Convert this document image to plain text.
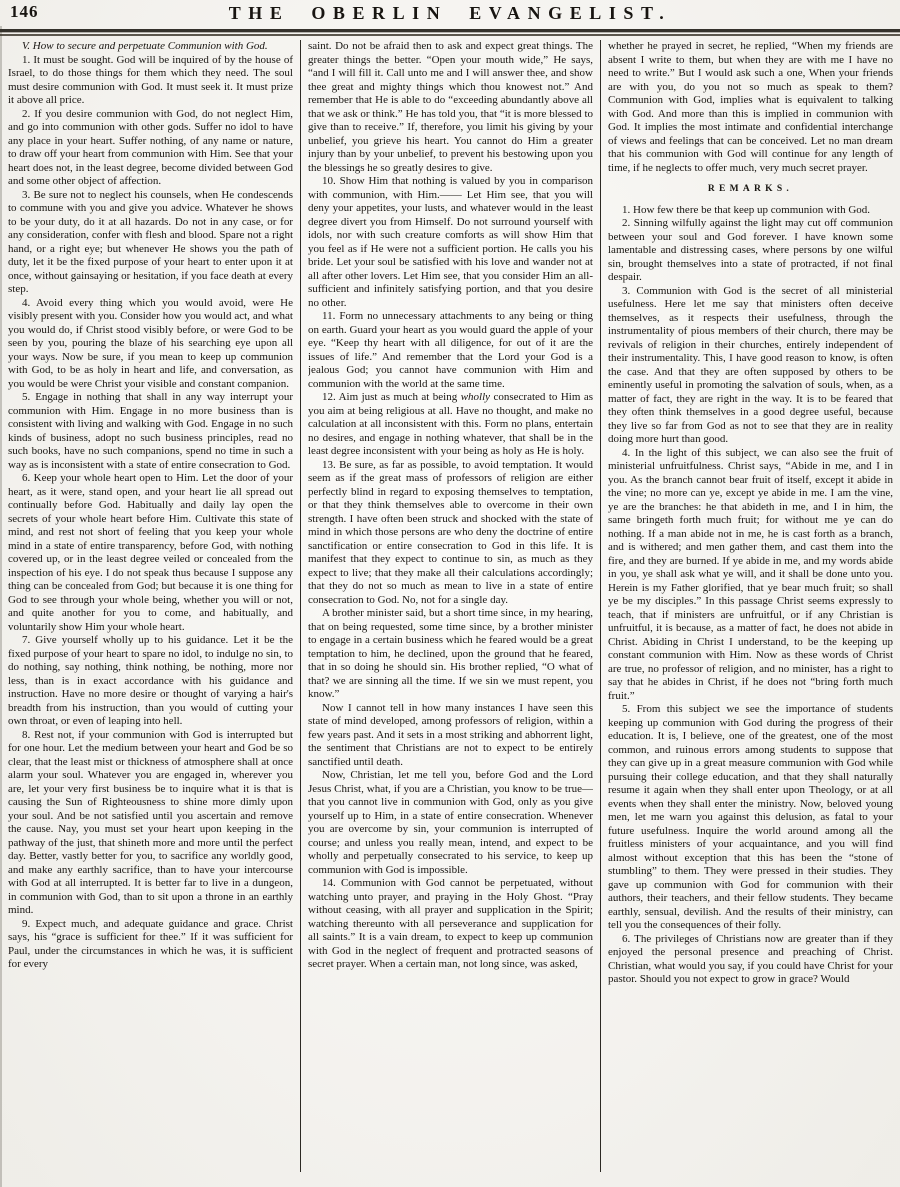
146	THE OBERLIN EVANGELIST.

V. How to secure and perpetuate Communion with God.

1. It must be sought. God will be inquired of by the house of Israel, to do those things for them which they need. The soul must desire communion with God. It must seek it. It must prize it above all price.

2. If you desire communion with God, do not neglect Him, and go into communion with other gods. Suffer no idol to have any place in your heart. Suffer nothing, of any name or nature, to draw off your heart from communion with Him. See that your heart does not, in the least degree, become divided between God and some other object of affection.

3. Be sure not to neglect his counsels, when He condescends to commune with you and give you advice. Whatever he shows to be your duty, do it at all hazards. Do not in any case, or for any consideration, confer with flesh and blood. Spare not a right hand, or a right eye; but whenever He shows you the path of duty, let it be the fixed purpose of your heart to enter upon it at once, without gainsaying or hesitation, if you face death at every step.

4. Avoid every thing which you would avoid, were He visibly present with you. Consider how you would act, and what you would do, if Christ stood visibly before, or were God to be seen by you, pouring the blaze of his searching eye upon all your ways. Now be sure, if you mean to keep up communion with God, to be as holy in heart and life, and conversation, as you would be were Christ your visible and constant companion.

5. Engage in nothing that shall in any way interrupt your communion with Him. Engage in no more business than is consistent with living and walking with God. Engage in no such kinds of business, adopt no such business principles, read no such books, have no such companions, spend no time in such a way as is inconsistent with a state of entire consecration to God.

6. Keep your whole heart open to Him. Let the door of your heart, as it were, stand open, and your heart lie all spread out continually before God. Habitually and daily lay open the secrets of your whole heart before Him. Cultivate this state of mind, and rest not short of feeling that you keep your whole mind in a state of entire transparency, before God, with nothing covered up, or in the least degree veiled or concealed from the inspection of his eye. I do not speak thus because I suppose any thing can be concealed from God; but because it is one thing for God to see through your whole being, whether you will or not, and quite another for you to come, and habitually, and voluntarily show Him your whole heart.

7. Give yourself wholly up to his guidance. Let it be the fixed purpose of your heart to spare no idol, to indulge no sin, to do nothing, say nothing, think nothing, be nothing, more nor less, than is in exact accordance with his guidance and instruction. Have no more desire or thought of varying a hair's breadth from his instruction, than you would of cutting your own throat, or even of leaping into hell.

8. Rest not, if your communion with God is interrupted but for one hour. Let the medium between your heart and God be so clear, that the least mist or thickness of atmosphere shall at once alarm your soul. Whatever you are engaged in, wherever you are, let your very first business be to inquire what it is that is causing the Sun of Righteousness to shine more dimly upon your soul. And be not satisfied until you ascertain and remove the cause. Nay, you must set your heart upon keeping in the pathway of the just, that shineth more and more until the perfect day. Better, vastly better for you, to sacrifice any worldly good, and make any earthly sacrifice, than to have your intercourse with God at all interrupted. It is better far to live in a dungeon, in communion with God, than to sit upon a throne in an earthly mind.

9. Expect much, and adequate guidance and grace. Christ says, his “grace is sufficient for thee.” If it was sufficient for Paul, under the circumstances in which he was, it is sufficient for every

saint. Do not be afraid then to ask and expect great things. The greater things the better. “Open your mouth wide,” He says, “and I will fill it. Call unto me and I will answer thee, and show thee great and mighty things which thou knowest not.” And remember that He is able to do “exceeding abundantly above all that we ask or think.” He has told you, that “it is more blessed to give than to receive.” If, therefore, you limit his giving by your unbelief, you grieve his heart. You cannot do Him a greater injury than by your unbelief, to prevent his bestowing upon you the blessings he so greatly desires to give.

10. Show Him that nothing is valued by you in comparison with communion, with Him.—— Let Him see, that you will deny your appetites, your lusts, and whatever would in the least degree divert you from Himself. Do not surround yourself with idols, nor with such creature comforts as will show Him that you feel as if He were not a sufficient portion. He calls you his bride. Let your soul be satisfied with his love and wander not at all after other lovers. Let Him see, that you consider Him an all-sufficient and infinitely satisfying portion, and that you desire no other.

11. Form no unnecessary attachments to any being or thing on earth. Guard your heart as you would guard the apple of your eye. “Keep thy heart with all diligence, for out of it are the issues of life.” And remember that the Lord your God is a jealous God; you cannot have communion with Him and communion with the world at the same time.

12. Aim just as much at being wholly consecrated to Him as you aim at being religious at all. Have no thought, and make no calculation at all inconsistent with this. Form no plans, entertain no desires, and engage in nothing whatever, that shall be in the least degree inconsistent with your being as holy as He is holy.

13. Be sure, as far as possible, to avoid temptation. It would seem as if the great mass of professors of religion are either perfectly blind in regard to exposing themselves to temptation, or that they think themselves able to overcome in their own strength. I have often been struck and shocked with the state of mind in which those persons are who deny the doctrine of entire sanctification or entire consecration to God in this life. It is manifest that they expect to continue to sin, as much as they expect to live; that they make all their calculations accordingly; that they do not so much as mean to live in a state of entire consecration to God. No, not for a single day.

A brother minister said, but a short time since, in my hearing, that on being requested, some time since, by a brother minister to engage in a certain business which he feared would be a great temptation to him, he declined, upon the ground that he feared, that in so doing he should sin. His brother replied, “O what of that? we are sinning all the time. If we sin we must repent, you know.”

Now I cannot tell in how many instances I have seen this state of mind developed, among professors of religion, within a few years past. And it sets in a most striking and abhorrent light, the sentiment that Christians are not to expect to be entirely sanctified until death.

Now, Christian, let me tell you, before God and the Lord Jesus Christ, what, if you are a Christian, you know to be true—that you cannot live in communion with God, only as you give yourself up to Him, in a state of entire consecration. Whenever you are overcome by sin, your communion is interrupted of course; and unless you really mean, intend, and expect to be wholly and perpetually consecrated to his service, to keep up communion with God is impossible.

14. Communion with God cannot be perpetuated, without watching unto prayer, and praying in the Holy Ghost. “Pray without ceasing, with all prayer and supplication in the Spirit; watching thereunto with all perseverance and supplication for all saints.” It is a vain dream, to expect to keep up communion with God in the neglect of frequent and protracted seasons of secret prayer. When a certain man, not long since, was asked,

whether he prayed in secret, he replied, “When my friends are absent I write to them, but when they are with me I have no need to write.” But I would ask such a one, When your friends are with you, do you not so much as speak to them? Communion with God, implies what is equivalent to talking with God. And more than this is implied in communion with God. It implies the most intimate and confidential interchange of views and feelings that can be conceived. Let no man dream that his communion with God will continue for any length of time, if he neglects to offer much, very much secret prayer.

REMARKS.

1. How few there be that keep up communion with God.

2. Sinning wilfully against the light may cut off communion between your soul and God forever. I have known some lamentable and distressing cases, where persons by one wilful sin, brought themselves into a state of protracted, if not final despair.

3. Communion with God is the secret of all ministerial usefulness. Here let me say that ministers often deceive themselves, as it respects their usefulness, through the instrumentality of pious members of their church, there may be revivals of religion in their churches, entirely independent of their instrumentality. This, I have good reason to know, is often the case. And that they are often supposed by others to be eminently useful in promoting the salvation of souls, when, as a matter of fact, they are right in the way. It is to be feared that they often think themselves in a good degree useful, because they live so far from God as not to see that they are in reality doing more hurt than good.

4. In the light of this subject, we can also see the fruit of ministerial unfruitfulness. Christ says, “Abide in me, and I in you. As the branch cannot bear fruit of itself, except it abide in the vine; no more can ye, except ye abide in me. I am the vine, ye are the branches: he that abideth in me, and I in him, the same bringeth forth much fruit; for without me ye can do nothing. If a man abide not in me, he is cast forth as a branch, and is withered; and men gather them, and cast them into the fire, and they are burned. If ye abide in me, and my words abide in you, ye shall ask what ye will, and it shall be done unto you. Herein is my Father glorified, that ye bear much fruit; so shall ye be my disciples.” In this passage Christ seems expressly to teach, that if ministers are unfruitful, or if any Christian is unfruitful, it is because, as a matter of fact, he does not abide in Christ. Abiding in Christ I understand, to be the keeping up constant communion with Him. Now as these words of Christ are true, no professor of religion, and no minister, has a right to say that he abides in Christ, if he does not “bring forth much fruit.”

5. From this subject we see the importance of students keeping up communion with God during the progress of their education. It is, I believe, one of the greatest, one of the most common, and ruinous errors among students to suppose that they can give up in a great measure communion with God while pursuing their college education, and that they shall naturally resume it again when they shall enter upon Theology, or at all events when they shall enter the ministry. Now, beloved young men, let me warn you against this delusion, as fatal to your future usefulness. Inquire the world around among all the fruitless ministers of your acquaintance, and you will find almost without exception that this has been the “stone of stumbling” to them. They were pressed in their studies. They gave up communion with God for communion with their authors, their teachers, and their fellow students. They became earthly, sensual, devilish. And the results of their ministry, can tell you the consequences of their folly.

6. The privileges of Christians now are greater than if they enjoyed the personal presence and preaching of Christ. Christian, what would you say, if you could have Christ for your pastor. Should you not expect to grow in grace? Would
